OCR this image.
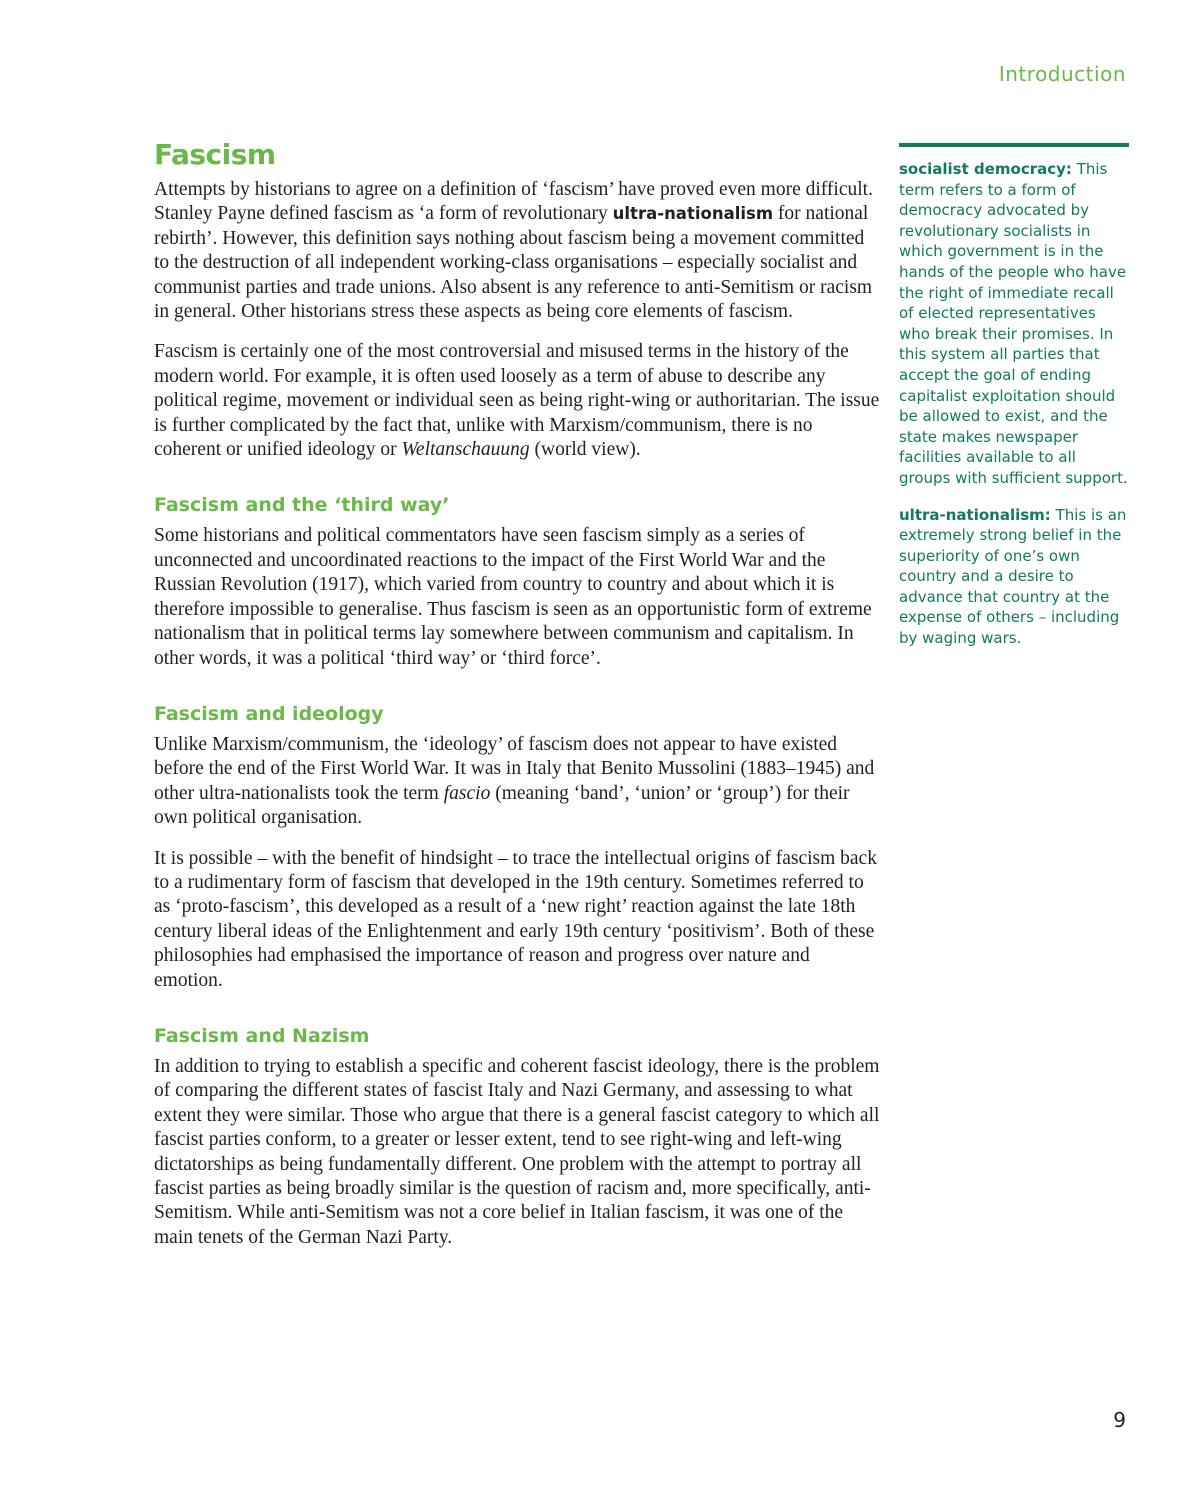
Introduction
Fascism

Attempts by historians to agree on a definition of ‘fascism’ have proved even more difficult. Stanley Payne defined fascism as ‘a form of revolutionary ultra-nationalism for national rebirth’. However, this definition says nothing about fascism being a movement committed to the destruction of all independent working-class organisations – especially socialist and communist parties and trade unions. Also absent is any reference to anti-Semitism or racism in general. Other historians stress these aspects as being core elements of fascism.

Fascism is certainly one of the most controversial and misused terms in the history of the modern world. For example, it is often used loosely as a term of abuse to describe any political regime, movement or individual seen as being right-wing or authoritarian. The issue is further complicated by the fact that, unlike with Marxism/communism, there is no coherent or unified ideology or Weltanschauung (world view).

Fascism and the ‘third way’

Some historians and political commentators have seen fascism simply as a series of unconnected and uncoordinated reactions to the impact of the First World War and the Russian Revolution (1917), which varied from country to country and about which it is therefore impossible to generalise. Thus fascism is seen as an opportunistic form of extreme nationalism that in political terms lay somewhere between communism and capitalism. In other words, it was a political ‘third way’ or ‘third force’.

Fascism and ideology

Unlike Marxism/communism, the ‘ideology’ of fascism does not appear to have existed before the end of the First World War. It was in Italy that Benito Mussolini (1883–1945) and other ultra-nationalists took the term fascio (meaning ‘band’, ‘union’ or ‘group’) for their own political organisation.

It is possible – with the benefit of hindsight – to trace the intellectual origins of fascism back to a rudimentary form of fascism that developed in the 19th century. Sometimes referred to as ‘proto-fascism’, this developed as a result of a ‘new right’ reaction against the late 18th century liberal ideas of the Enlightenment and early 19th century ‘positivism’. Both of these philosophies had emphasised the importance of reason and progress over nature and emotion.

Fascism and Nazism

In addition to trying to establish a specific and coherent fascist ideology, there is the problem of comparing the different states of fascist Italy and Nazi Germany, and assessing to what extent they were similar. Those who argue that there is a general fascist category to which all fascist parties conform, to a greater or lesser extent, tend to see right-wing and left-wing dictatorships as being fundamentally different. One problem with the attempt to portray all fascist parties as being broadly similar is the question of racism and, more specifically, anti-Semitism. While anti-Semitism was not a core belief in Italian fascism, it was one of the main tenets of the German Nazi Party.

socialist democracy: This term refers to a form of democracy advocated by revolutionary socialists in which government is in the hands of the people who have the right of immediate recall of elected representatives who break their promises. In this system all parties that accept the goal of ending capitalist exploitation should be allowed to exist, and the state makes newspaper facilities available to all groups with sufficient support.

ultra-nationalism: This is an extremely strong belief in the superiority of one’s own country and a desire to advance that country at the expense of others – including by waging wars.

9
